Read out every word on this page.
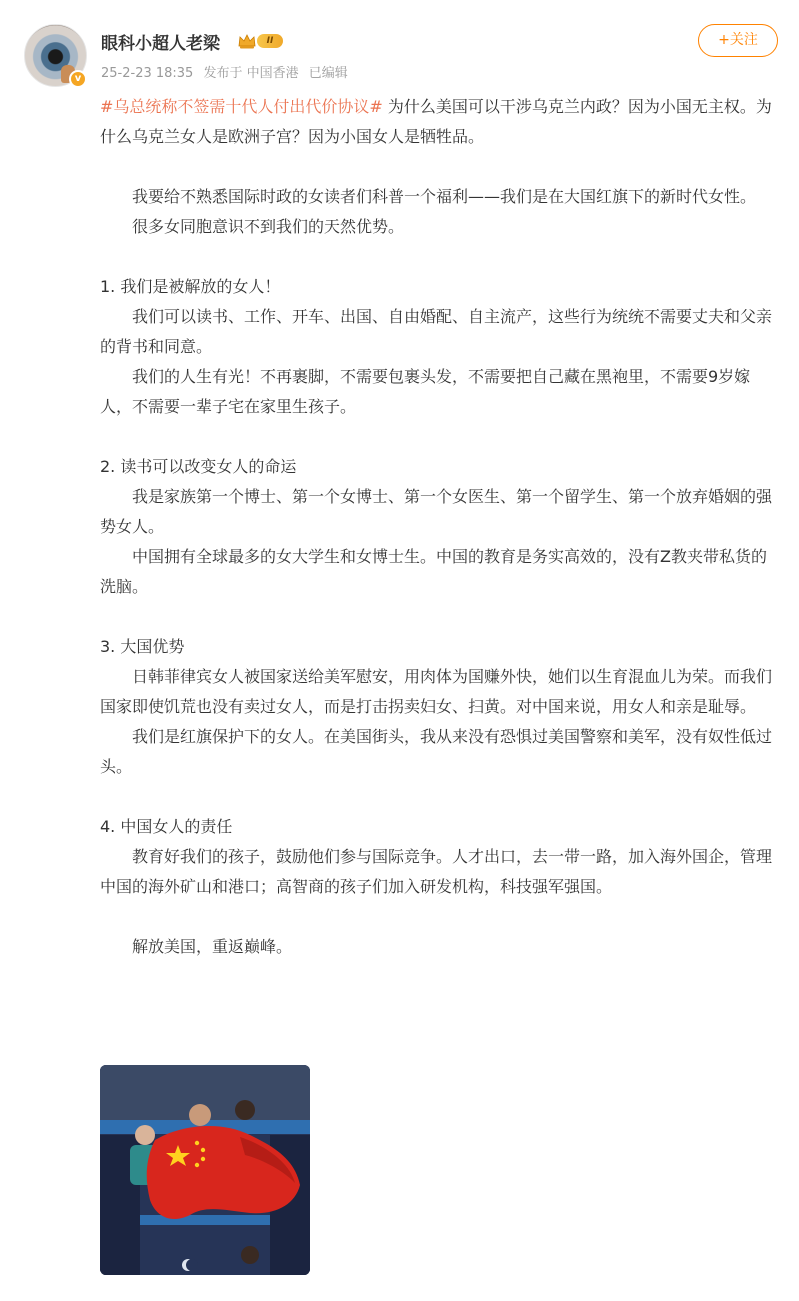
v
眼科小超人老梁	II
25-2-23 18:35 发布于 中国香港 已编辑
+关注

#乌总统称不签需十代人付出代价协议# 为什么美国可以干涉乌克兰内政？因为小国无主权。为什么乌克兰女人是欧洲子宫？因为小国女人是牺牲品。

我要给不熟悉国际时政的女读者们科普一个福利——我们是在大国红旗下的新时代女性。

很多女同胞意识不到我们的天然优势。

1. 我们是被解放的女人！

我们可以读书、工作、开车、出国、自由婚配、自主流产，这些行为统统不需要丈夫和父亲的背书和同意。

我们的人生有光！不再裹脚，不需要包裹头发，不需要把自己藏在黑袍里，不需要9岁嫁人，不需要一辈子宅在家里生孩子。

2. 读书可以改变女人的命运

我是家族第一个博士、第一个女博士、第一个女医生、第一个留学生、第一个放弃婚姻的强势女人。

中国拥有全球最多的女大学生和女博士生。中国的教育是务实高效的，没有Z教夹带私货的洗脑。

3. 大国优势

日韩菲律宾女人被国家送给美军慰安，用肉体为国赚外快，她们以生育混血儿为荣。而我们国家即使饥荒也没有卖过女人，而是打击拐卖妇女、扫黄。对中国来说，用女人和亲是耻辱。

我们是红旗保护下的女人。在美国街头，我从来没有恐惧过美国警察和美军，没有奴性低过头。

4. 中国女人的责任

教育好我们的孩子，鼓励他们参与国际竞争。人才出口，去一带一路，加入海外国企，管理中国的海外矿山和港口；高智商的孩子们加入研发机构，科技强军强国。

解放美国，重返巅峰。
